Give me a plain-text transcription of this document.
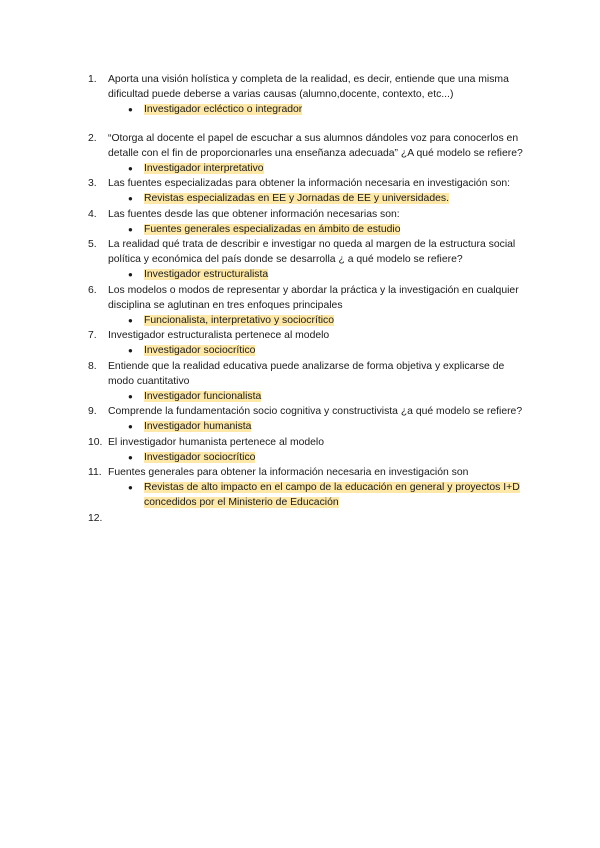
1. Aporta una visión holística y completa de la realidad, es decir, entiende que una misma dificultad puede deberse a varias causas (alumno,docente, contexto, etc...)
● Investigador ecléctico o integrador
2. “Otorga al docente el papel de escuchar a sus alumnos dándoles voz para conocerlos en detalle con el fin de proporcionarles una enseñanza adecuada” ¿A qué modelo se refiere?
● Investigador interpretativo
3. Las fuentes especializadas para obtener la información necesaria en investigación son:
● Revistas especializadas en EE y Jornadas de EE y universidades.
4. Las fuentes desde las que obtener información necesarias son:
● Fuentes generales especializadas en ámbito de estudio
5. La realidad qué trata de describir e investigar no queda al margen de la estructura social política y económica del país donde se desarrolla ¿ a qué modelo se refiere?
● Investigador estructuralista
6. Los modelos o modos de representar y abordar la práctica y la investigación en cualquier disciplina se aglutinan en tres enfoques principales
● Funcionalista, interpretativo y sociocrítico
7. Investigador estructuralista pertenece al modelo
● Investigador sociocrítico
8. Entiende que la realidad educativa puede analizarse de forma objetiva y explicarse de modo cuantitativo
● Investigador funcionalista
9. Comprende la fundamentación socio cognitiva y constructivista ¿a qué modelo se refiere?
● Investigador humanista
10. El investigador humanista pertenece al modelo
● Investigador sociocrítico
11. Fuentes generales para obtener la información necesaria en investigación son
● Revistas de alto impacto en el campo de la educación en general y proyectos I+D concedidos por el Ministerio de Educación
12.
